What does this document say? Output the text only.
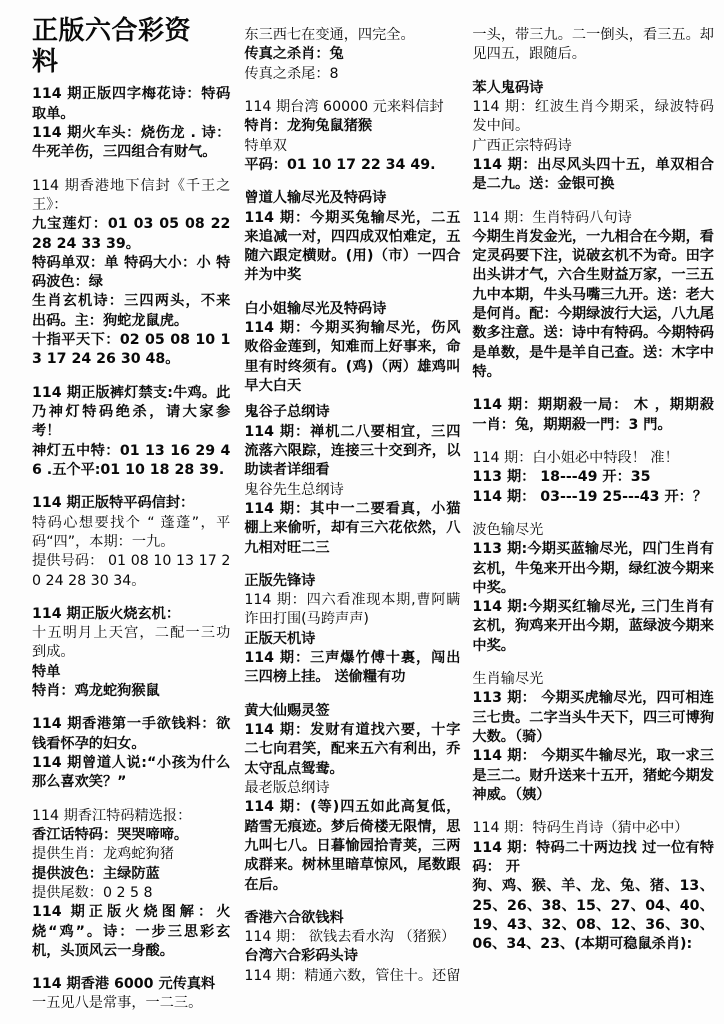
正版六合彩资
料

114 期正版四字梅花诗：特码取单。

114 期火车头：烧伤龙 . 诗：牛死羊伤，三四组合有财气。

114 期香港地下信封《千王之王》：

九宝莲灯：01 03 05 08 22 28 24 33 39。

特码单双：单 特码大小：小 特码波色：绿

生肖玄机诗：三四两头，不来出码。主：狗蛇龙鼠虎。

十指平天下：02 05 08 10 13 17 24 26 30 48。

114 期正版裤灯禁支:牛鸡。此乃神灯特码绝杀，请大家参考！

神灯五中特：01 13 16 29 46 .五个平:01 10 18 28 39.

114 期正版特平码信封：

特码心想要找个 “ 蓬蓬”，平码“四”，本期：一九。

提供号码： 01 08 10 13 17 20 24 28 30 34。

114 期正版火烧玄机：

十五明月上天宫，二配一三功到成。

特单

特肖：鸡龙蛇狗猴鼠

114 期香港第一手欲钱料：欲钱看怀孕的妇女。

114 期曾道人说:“小孩为什么那么喜欢笑？”

114 期香江特码精选报：

香江话特码：哭哭啼啼。

提供生肖：龙鸡蛇狗猪

提供波色：主绿防蓝

提供尾数：0 2 5 8

114 期正版火烧图解：火烧“鸡”。诗：一步三思彩玄机，头顶风云一身酸。

114 期香港 6000 元传真料

一五见八是常事，一二三。

东三西七在变通，四完全。

传真之杀肖：兔

传真之杀尾：8

114 期台湾 60000 元来料信封

特肖：龙狗兔鼠猪猴

特单双

平码：01 10 17 22 34 49.

曾道人输尽光及特码诗

114 期：今期买兔输尽光，二五来追减一对，四四成双怕难定，五随六跟定横财。(用)（市）一四合并为中奖

白小姐输尽光及特码诗

114 期：今期买狗输尽光，伤风败俗金莲到，知难而上好事来，命里有时终须有。(鸡)（两）雄鸡叫早大白天

鬼谷子总纲诗

114 期：禅机二八要相宜，三四流落六限踪，连接三十交到齐，以助读者详细看

鬼谷先生总纲诗

114 期：其中一二要看真，小猫棚上来偷听，却有三六花依然，八九相对旺二三

正版先锋诗

114 期：四六看准现本期,曹阿瞒诈田打围(马跨声声)

正版天机诗

114 期：三声爆竹傅十裏，闯出三四榜上挂。 送偷糧有功

黄大仙赐灵签

114 期：发财有道找六要，十字二七向君笑，配来五六有利出，乔太守乱点鸳鸯。

最老版总纲诗

114 期：(等)四五如此高复低，踏雪无痕迹。梦后倚楼无限情，思九叫七八。日暮愉园拾青荚，三两成群来。树林里暗草惊风，尾数跟在后。

香港六合欲钱料

114 期： 欲钱去看水沟 （猪猴）

台湾六合彩码头诗

114 期：精通六数，管住十。还留

一头，带三九。二一倒头，看三五。却见四五，跟随后。

苯人鬼码诗

114 期：红波生肖今期采，绿波特码发中间。

广西正宗特码诗

114 期：出尽风头四十五，单双相合是二九。送：金银可换

114 期：生肖特码八句诗

今期生肖发金光，一九相合在今期，看定灵码要下注，说破玄机不为奇。田字出头讲才气，六合生财益万家，一三五九中本期，牛头马嘴三九开。送：老大是何肖。配：今期绿波行大运，八九尾数多注意。送：诗中有特码。今期特码是单数，是牛是羊自己查。送：木字中特。

114 期：期期殺一局： 木 ，期期殺一肖：兔，期期殺一門：3 門。

114 期：白小姐必中特段！ 准！

113 期： 18---49 开：35

114 期： 03---19 25---43 开：？

波色输尽光

113 期:今期买蓝输尽光，四门生肖有玄机，牛兔来开出今期，绿红波今期来中奖。

114 期:今期买红输尽光, 三门生肖有玄机，狗鸡来开出今期，蓝绿波今期来中奖。

生肖输尽光

113 期： 今期买虎输尽光，四可相连三七贵。二字当头牛天下，四三可博狗大数。（骑）

114 期： 今期买牛输尽光，取一求三是三二。财升送来十五开，猪蛇今期发神威。（姨）

114 期：特码生肖诗（猜中必中）

114 期：特码二十两边找 过一位有特码： 开

狗、鸡、猴、羊、龙、兔、猪、13、25、26、38、15、27、04、40、19、43、32、08、12、36、30、06、34、23、(本期可稳鼠杀肖):
